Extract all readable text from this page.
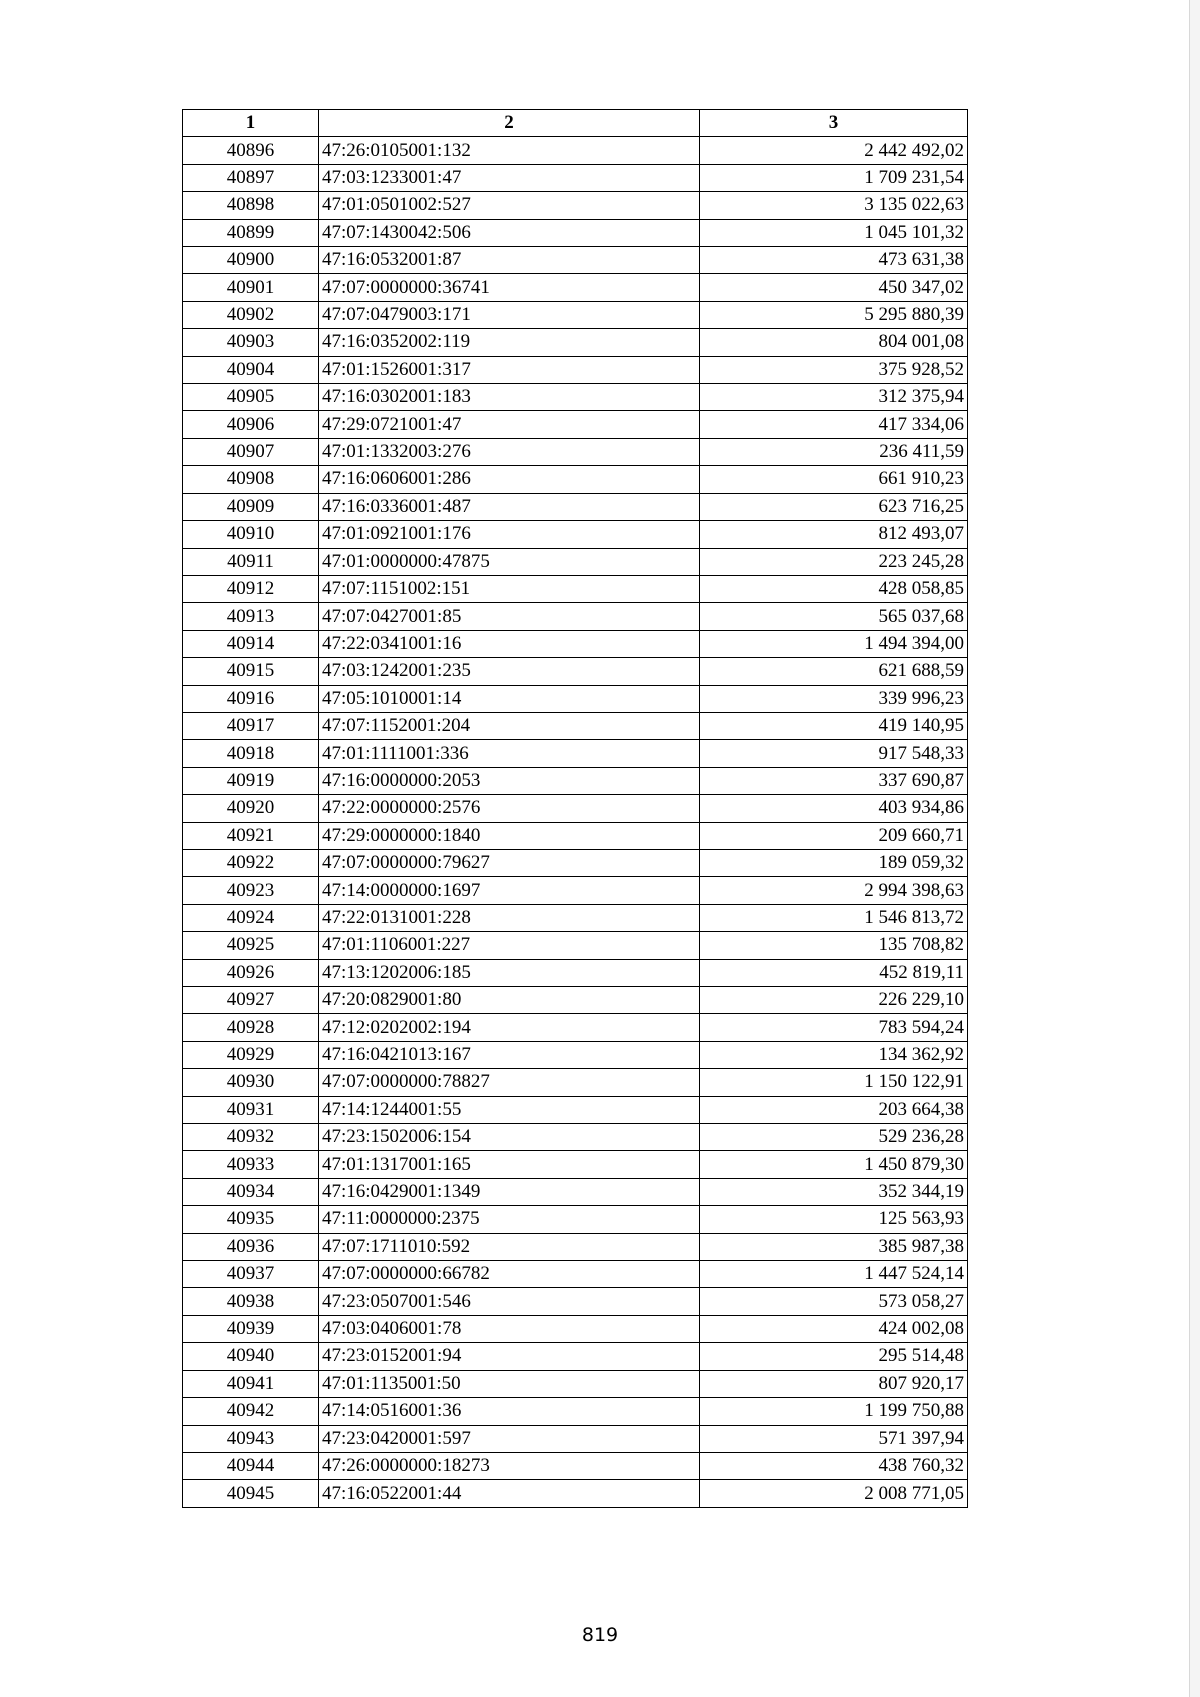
1	2	3
40896	47:26:0105001:132	2 442 492,02
40897	47:03:1233001:47	1 709 231,54
40898	47:01:0501002:527	3 135 022,63
40899	47:07:1430042:506	1 045 101,32
40900	47:16:0532001:87	473 631,38
40901	47:07:0000000:36741	450 347,02
40902	47:07:0479003:171	5 295 880,39
40903	47:16:0352002:119	804 001,08
40904	47:01:1526001:317	375 928,52
40905	47:16:0302001:183	312 375,94
40906	47:29:0721001:47	417 334,06
40907	47:01:1332003:276	236 411,59
40908	47:16:0606001:286	661 910,23
40909	47:16:0336001:487	623 716,25
40910	47:01:0921001:176	812 493,07
40911	47:01:0000000:47875	223 245,28
40912	47:07:1151002:151	428 058,85
40913	47:07:0427001:85	565 037,68
40914	47:22:0341001:16	1 494 394,00
40915	47:03:1242001:235	621 688,59
40916	47:05:1010001:14	339 996,23
40917	47:07:1152001:204	419 140,95
40918	47:01:1111001:336	917 548,33
40919	47:16:0000000:2053	337 690,87
40920	47:22:0000000:2576	403 934,86
40921	47:29:0000000:1840	209 660,71
40922	47:07:0000000:79627	189 059,32
40923	47:14:0000000:1697	2 994 398,63
40924	47:22:0131001:228	1 546 813,72
40925	47:01:1106001:227	135 708,82
40926	47:13:1202006:185	452 819,11
40927	47:20:0829001:80	226 229,10
40928	47:12:0202002:194	783 594,24
40929	47:16:0421013:167	134 362,92
40930	47:07:0000000:78827	1 150 122,91
40931	47:14:1244001:55	203 664,38
40932	47:23:1502006:154	529 236,28
40933	47:01:1317001:165	1 450 879,30
40934	47:16:0429001:1349	352 344,19
40935	47:11:0000000:2375	125 563,93
40936	47:07:1711010:592	385 987,38
40937	47:07:0000000:66782	1 447 524,14
40938	47:23:0507001:546	573 058,27
40939	47:03:0406001:78	424 002,08
40940	47:23:0152001:94	295 514,48
40941	47:01:1135001:50	807 920,17
40942	47:14:0516001:36	1 199 750,88
40943	47:23:0420001:597	571 397,94
40944	47:26:0000000:18273	438 760,32
40945	47:16:0522001:44	2 008 771,05
819
